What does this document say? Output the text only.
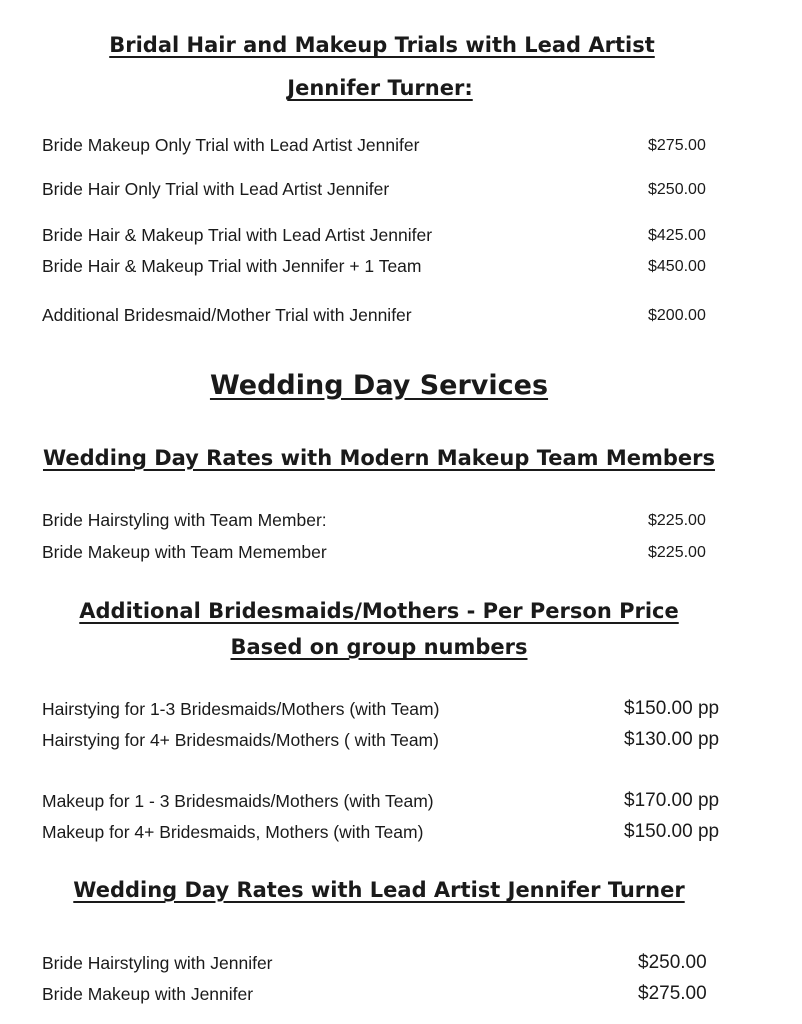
Bridal Hair and Makeup Trials with Lead Artist
Jennifer Turner:
Bride Makeup Only Trial with Lead Artist Jennifer	$275.00
Bride Hair Only Trial with Lead Artist Jennifer	$250.00
Bride Hair & Makeup Trial with Lead Artist Jennifer	$425.00
Bride Hair & Makeup Trial with Jennifer + 1 Team	$450.00
Additional Bridesmaid/Mother Trial with Jennifer	$200.00
Wedding Day Services
Wedding Day Rates with Modern Makeup Team Members
Bride Hairstyling with Team Member:	$225.00
Bride Makeup with Team Memember	$225.00
Additional Bridesmaids/Mothers - Per Person Price
Based on group numbers
Hairstying for 1-3 Bridesmaids/Mothers (with Team)	$150.00 pp
Hairstying for 4+ Bridesmaids/Mothers ( with Team)	$130.00 pp
Makeup for 1 - 3 Bridesmaids/Mothers (with Team)	$170.00 pp
Makeup for 4+ Bridesmaids, Mothers (with Team)	$150.00 pp
Wedding Day Rates with Lead Artist Jennifer Turner
Bride Hairstyling with Jennifer	$250.00
Bride Makeup with Jennifer	$275.00
